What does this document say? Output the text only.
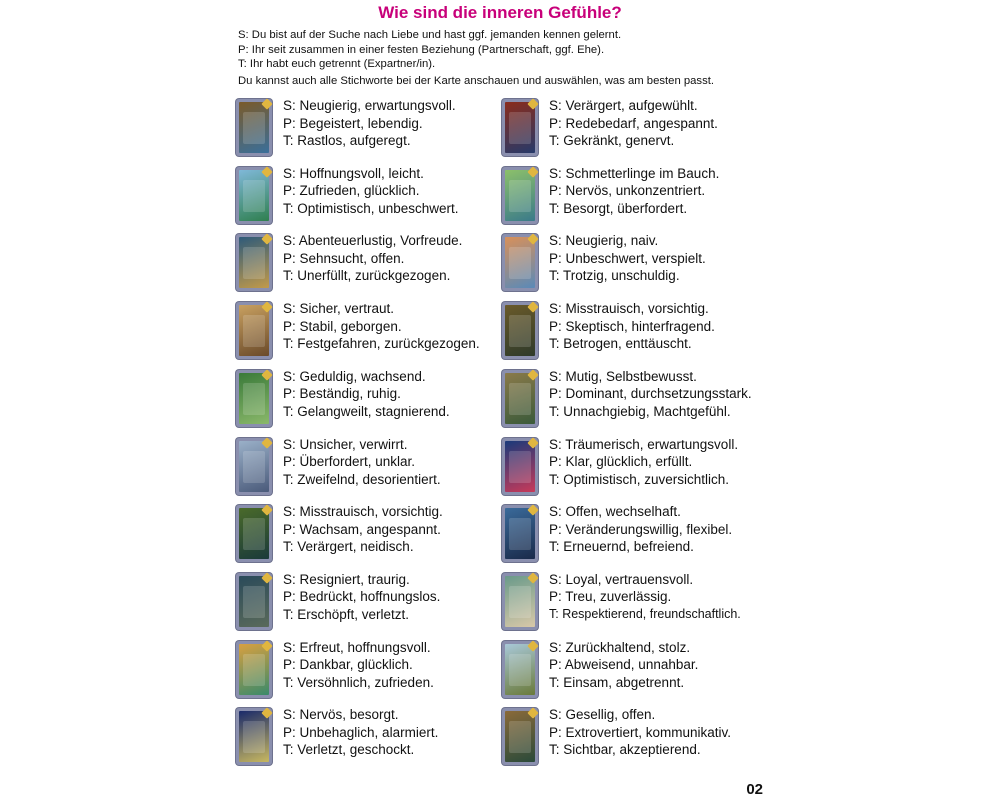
Wie sind die inneren Gefühle?
S: Du bist auf der Suche nach Liebe und hast ggf. jemanden kennen gelernt.
P: Ihr seit zusammen in einer festen Beziehung (Partnerschaft, ggf. Ehe).
T: Ihr habt euch getrennt (Expartner/in).
Du kannst auch alle Stichworte bei der Karte anschauen und auswählen, was am besten passt.
S: Neugierig, erwartungsvoll.
P: Begeistert, lebendig.
T: Rastlos, aufgeregt.
S: Verärgert, aufgewühlt.
P: Redebedarf, angespannt.
T: Gekränkt, genervt.
S: Hoffnungsvoll, leicht.
P: Zufrieden, glücklich.
T: Optimistisch, unbeschwert.
S: Schmetterlinge im Bauch.
P: Nervös, unkonzentriert.
T: Besorgt, überfordert.
S: Abenteuerlustig, Vorfreude.
P: Sehnsucht, offen.
T: Unerfüllt, zurückgezogen.
S: Neugierig, naiv.
P: Unbeschwert, verspielt.
T: Trotzig, unschuldig.
S: Sicher, vertraut.
P: Stabil, geborgen.
T: Festgefahren, zurückgezogen.
S: Misstrauisch, vorsichtig.
P: Skeptisch, hinterfragend.
T: Betrogen, enttäuscht.
S: Geduldig, wachsend.
P: Beständig, ruhig.
T: Gelangweilt, stagnierend.
S: Mutig, Selbstbewusst.
P: Dominant, durchsetzungsstark.
T: Unnachgiebig, Machtgefühl.
S: Unsicher, verwirrt.
P: Überfordert, unklar.
T: Zweifelnd, desorientiert.
S: Träumerisch, erwartungsvoll.
P: Klar, glücklich, erfüllt.
T: Optimistisch, zuversichtlich.
S: Misstrauisch, vorsichtig.
P: Wachsam, angespannt.
T: Verärgert, neidisch.
S: Offen, wechselhaft.
P: Veränderungswillig, flexibel.
T: Erneuernd, befreiend.
S: Resigniert, traurig.
P: Bedrückt, hoffnungslos.
T: Erschöpft, verletzt.
S: Loyal, vertrauensvoll.
P: Treu, zuverlässig.
T: Respektierend, freundschaftlich.
S: Erfreut, hoffnungsvoll.
P: Dankbar, glücklich.
T: Versöhnlich, zufrieden.
S: Zurückhaltend, stolz.
P: Abweisend, unnahbar.
T: Einsam, abgetrennt.
S: Nervös, besorgt.
P: Unbehaglich, alarmiert.
T: Verletzt, geschockt.
S: Gesellig, offen.
P: Extrovertiert, kommunikativ.
T: Sichtbar, akzeptierend.
02
